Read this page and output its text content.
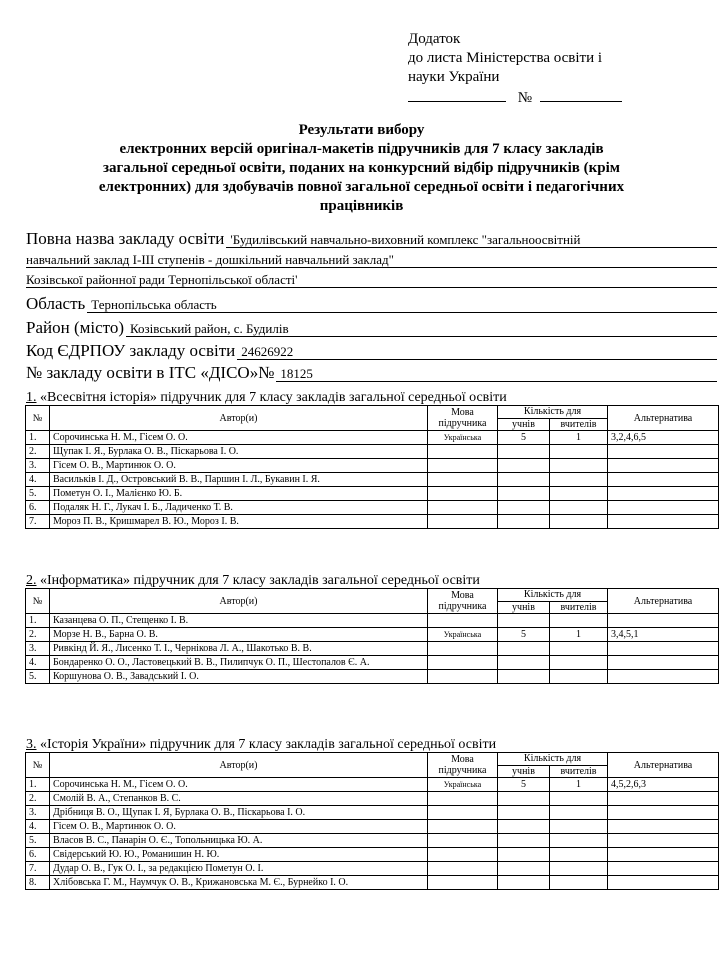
Додаток
до листа Міністерства освіти і
науки України
№
Результати вибору
електронних версій оригінал-макетів підручників для 7 класу закладів
загальної середньої освіти, поданих на конкурсний відбір підручників (крім
електронних) для здобувачів повної загальної середньої освіти і педагогічних
працівників
Повна назва закладу освіти 'Будилівський навчально-виховний комплекс "загальноосвітній
навчальний заклад І-ІІІ ступенів - дошкільний навчальний заклад"
Козівської районної ради Тернопільської області'
Область Тернопільська область
Район (місто) Козівський район, с. Будилів
Код ЄДРПОУ закладу освіти 24626922
№ закладу освіти в ІТС «ДІСО»№ 18125
1. «Всесвітня історія» підручник для 7 класу закладів загальної середньої освіти
№	Автор(и)	Мова підручника	Кількість для		Альтернатива
			учнів	вчителів	
1.	Сорочинська Н. М., Гісем О. О.	Українська	5	1	3,2,4,6,5
2.	Щупак І. Я., Бурлака О. В., Піскарьова І. О.				
3.	Гісем О. В., Мартинюк О. О.				
4.	Васильків І. Д., Островський В. В., Паршин І. Л., Букавин І. Я.				
5.	Пометун О. І., Малієнко Ю. Б.				
6.	Подаляк Н. Г., Лукач І. Б., Ладиченко Т. В.				
7.	Мороз П. В., Кришмарел В. Ю., Мороз І. В.				
2. «Інформатика» підручник для 7 класу закладів загальної середньої освіти
№	Автор(и)	Мова підручника	Кількість для		Альтернатива
			учнів	вчителів	
1.	Казанцева О. П., Стещенко І. В.				
2.	Морзе Н. В., Барна О. В.	Українська	5	1	3,4,5,1
3.	Ривкінд Й. Я., Лисенко Т. І., Чернікова Л. А., Шакотько В. В.				
4.	Бондаренко О. О., Ластовецький В. В., Пилипчук О. П., Шестопалов Є. А.				
5.	Коршунова О. В., Завадський І. О.				
3. «Історія України» підручник для 7 класу закладів загальної середньої освіти
№	Автор(и)	Мова підручника	Кількість для		Альтернатива
			учнів	вчителів	
1.	Сорочинська Н. М., Гісем О. О.	Українська	5	1	4,5,2,6,3
2.	Смолій В. А., Степанков В. С.				
3.	Дрібниця В. О., Щупак І. Я, Бурлака О. В., Піскарьова І. О.				
4.	Гісем О. В., Мартинюк О. О.				
5.	Власов В. С., Панарін О. Є., Топольницька Ю. А.				
6.	Свідерський Ю. Ю., Романишин Н. Ю.				
7.	Дудар О. В., Гук О. І., за редакцією Пометун О. І.				
8.	Хлібовська Г. М., Наумчук О. В., Крижановська М. Є., Бурнейко І. О.				
